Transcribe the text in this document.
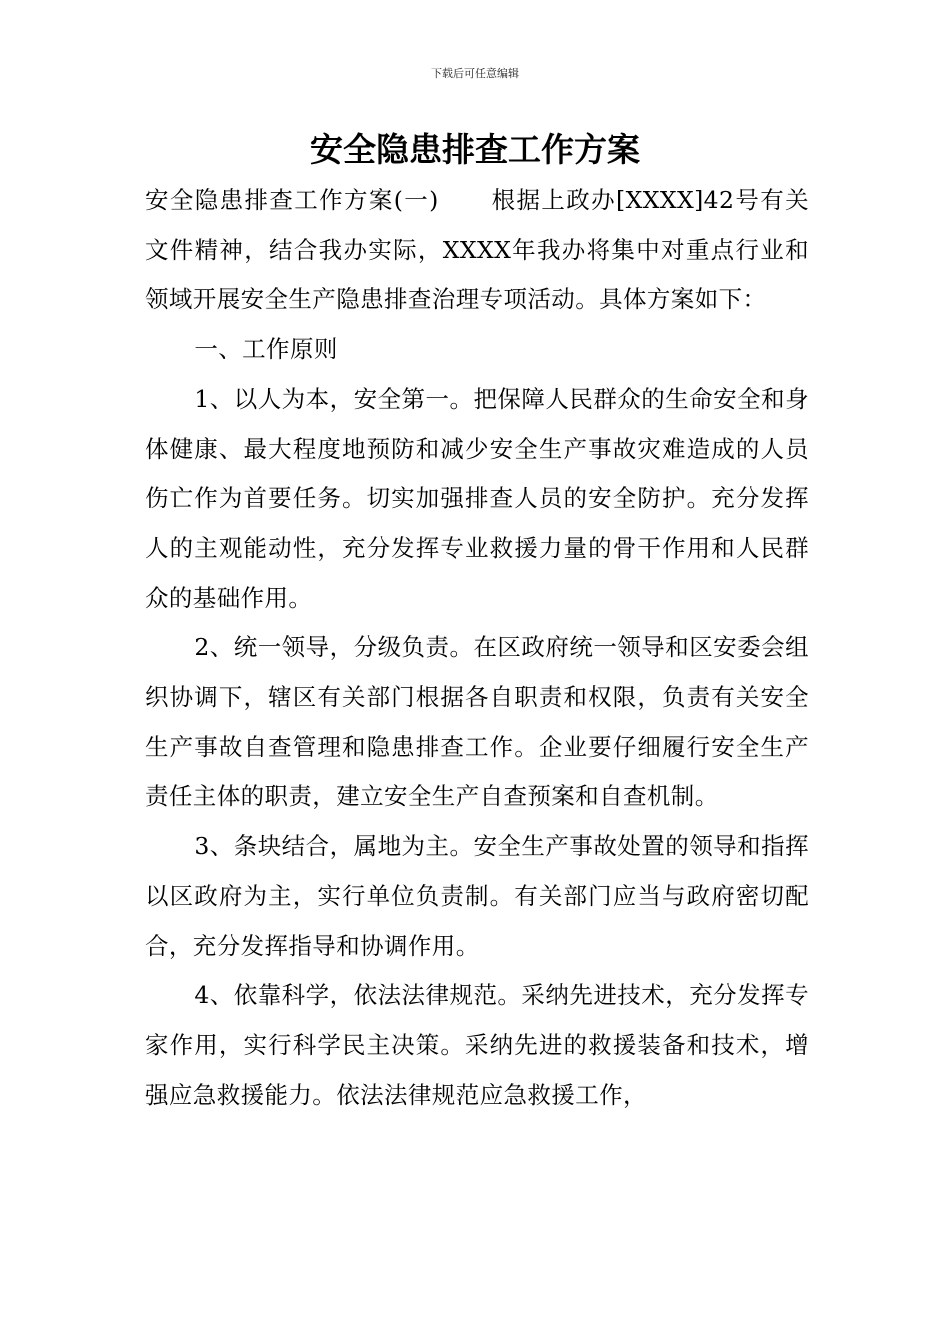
下载后可任意编辑
安全隐患排查工作方案

安全隐患排查工作方案(一) 根据上政办[XXXX]42号有关文件精神，结合我办实际，XXXX年我办将集中对重点行业和领域开展安全生产隐患排查治理专项活动。具体方案如下：

一、工作原则

1、以人为本，安全第一。把保障人民群众的生命安全和身体健康、最大程度地预防和减少安全生产事故灾难造成的人员伤亡作为首要任务。切实加强排查人员的安全防护。充分发挥人的主观能动性，充分发挥专业救援力量的骨干作用和人民群众的基础作用。

2、统一领导，分级负责。在区政府统一领导和区安委会组织协调下，辖区有关部门根据各自职责和权限，负责有关安全生产事故自查管理和隐患排查工作。企业要仔细履行安全生产责任主体的职责，建立安全生产自查预案和自查机制。

3、条块结合，属地为主。安全生产事故处置的领导和指挥以区政府为主，实行单位负责制。有关部门应当与政府密切配合，充分发挥指导和协调作用。

4、依靠科学，依法法律规范。采纳先进技术，充分发挥专家作用，实行科学民主决策。采纳先进的救援装备和技术，增强应急救援能力。依法法律规范应急救援工作，
